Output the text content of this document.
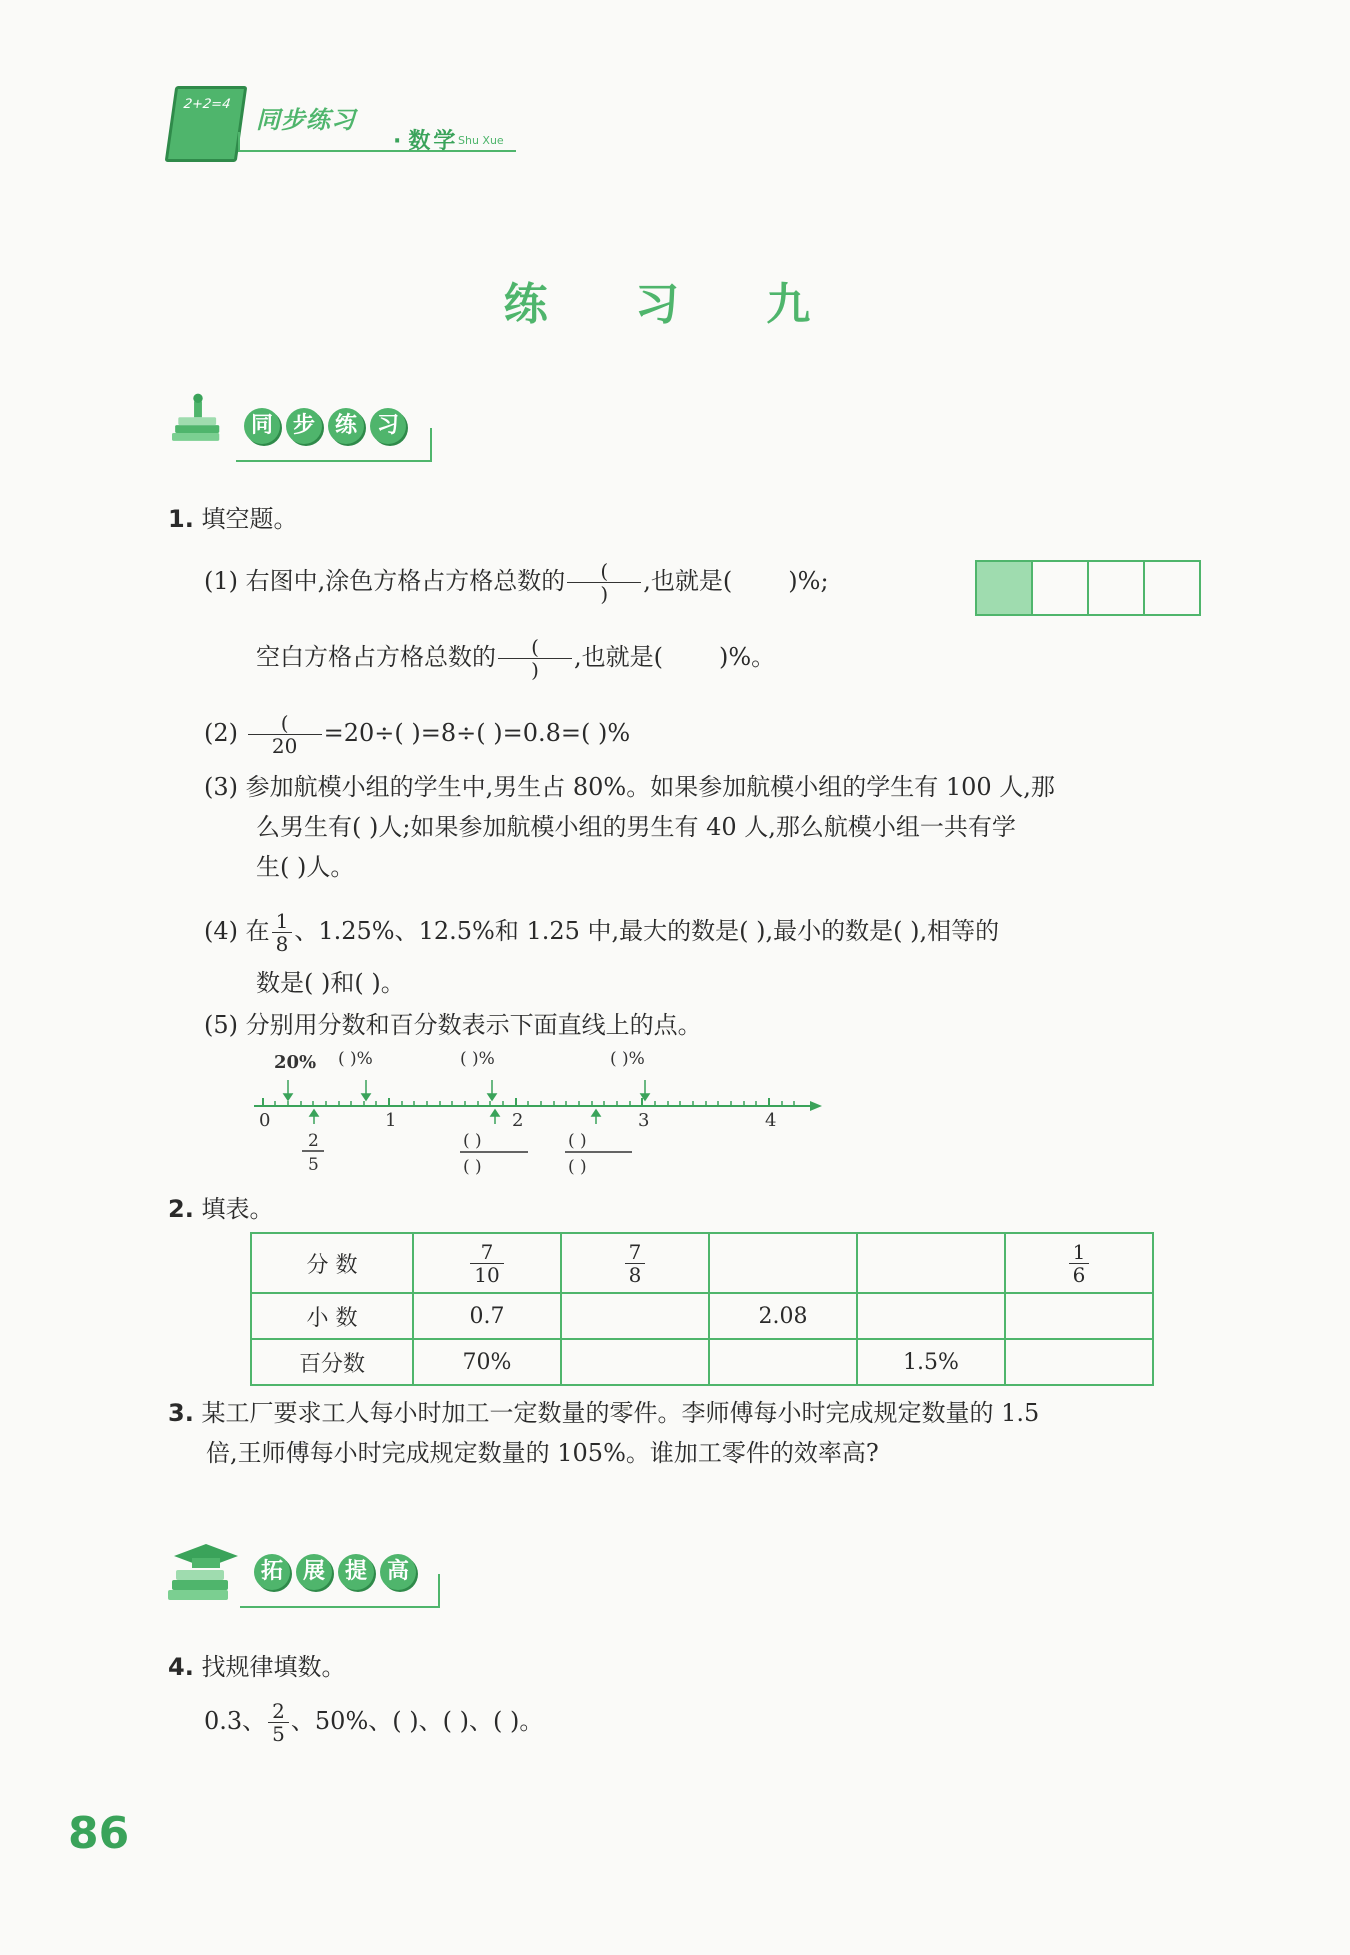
2+2=4
同步练习
· 数学 Shu Xue
练 习 九
同 步 练 习
1. 填空题。
(1) 右图中,涂色方格占方格总数的 $\frac{(}{)}$ ,也就是( )%;
空白方格占方格总数的 $\frac{(}{)}$ ,也就是( )%。
$(2) \frac{(}{20} =20\div$( )=8÷( )=0.8=( )%
(3) 参加航模小组的学生中,男生占 80%。如果参加航模小组的学生有 100 人,那
么男生有( )人;如果参加航模小组的男生有 40 人,那么航模小组一共有学
生( )人。
(4) 在 $\frac{1}{8}$ 、1.25%、12.5%和 1.25 中,最大的数是( ),最小的数是( ),相等的
数是( )和( )。
(5) 分别用分数和百分数表示下面直线上的点。
20% ( )%	( )%	( )%
0	1	2	3	4
2
5
( )
( )
( )
( )
2. 填表。
分 数	$\frac{7}{10}$	$\frac{7}{8}$			$\frac{1}{6}$

小 数	0.7		2.08		
百分数	70%			1.5%	
3. 某工厂要求工人每小时加工一定数量的零件。李师傅每小时完成规定数量的 1.5
倍,王师傅每小时完成规定数量的 105%。谁加工零件的效率高?
拓 展 提 高
4. 找规律填数。
0.3、 $\frac{2}{5}$ 、50%、( )、( )、( )。
86
